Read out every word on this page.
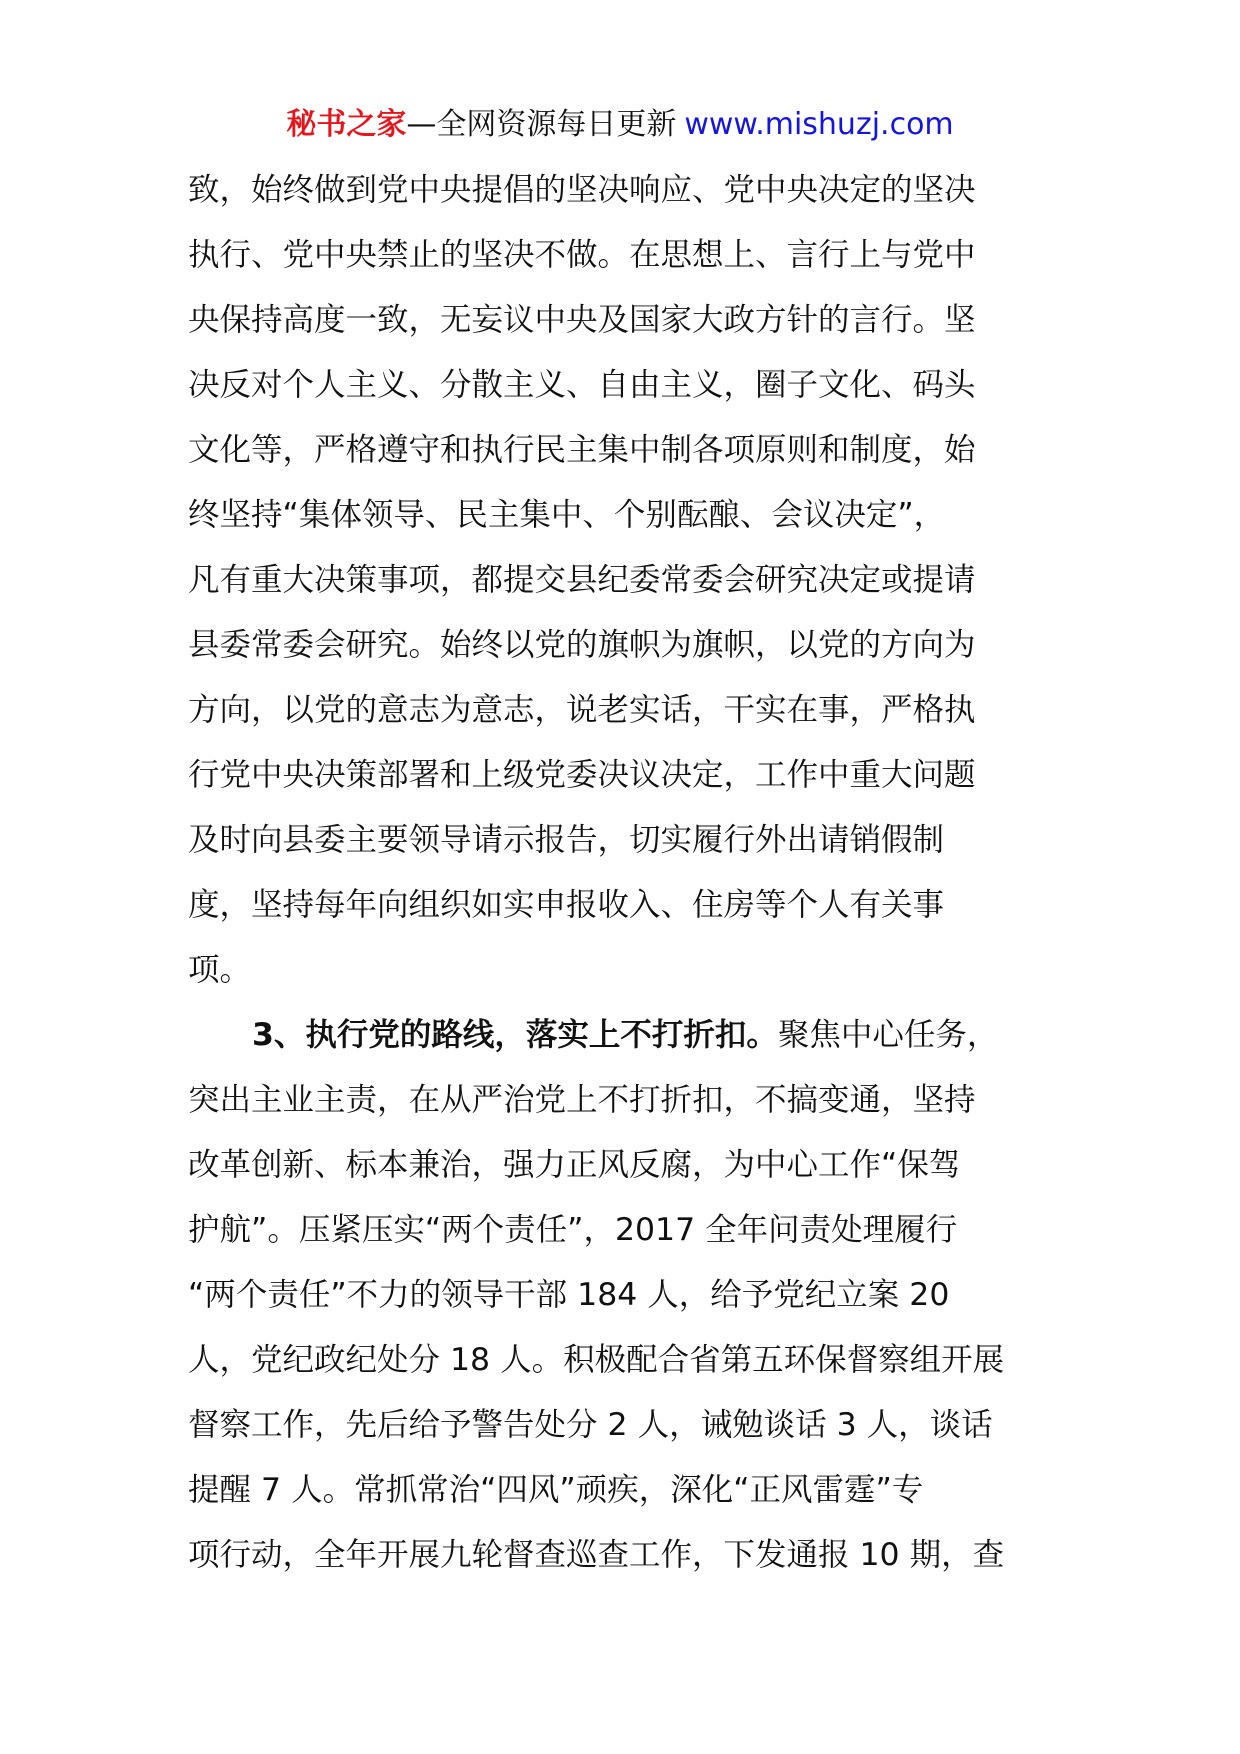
秘书之家—全网资源每日更新 www.mishuzj.com
致，始终做到党中央提倡的坚决响应、党中央决定的坚决
执行、党中央禁止的坚决不做。在思想上、言行上与党中
央保持高度一致，无妄议中央及国家大政方针的言行。坚
决反对个人主义、分散主义、自由主义，圈子文化、码头
文化等，严格遵守和执行民主集中制各项原则和制度，始
终坚持“集体领导、民主集中、个别酝酿、会议决定”，
凡有重大决策事项，都提交县纪委常委会研究决定或提请
县委常委会研究。始终以党的旗帜为旗帜，以党的方向为
方向，以党的意志为意志，说老实话，干实在事，严格执
行党中央决策部署和上级党委决议决定，工作中重大问题
及时向县委主要领导请示报告，切实履行外出请销假制
度，坚持每年向组织如实申报收入、住房等个人有关事
项。
3、执行党的路线，落实上不打折扣。聚焦中心任务，
突出主业主责，在从严治党上不打折扣，不搞变通，坚持
改革创新、标本兼治，强力正风反腐，为中心工作“保驾
护航”。压紧压实“两个责任”，2017 全年问责处理履行
“两个责任”不力的领导干部 184 人，给予党纪立案 20
人，党纪政纪处分 18 人。积极配合省第五环保督察组开展
督察工作，先后给予警告处分 2 人，诫勉谈话 3 人，谈话
提醒 7 人。常抓常治“四风”顽疾，深化“正风雷霆”专
项行动，全年开展九轮督查巡查工作，下发通报 10 期，查
